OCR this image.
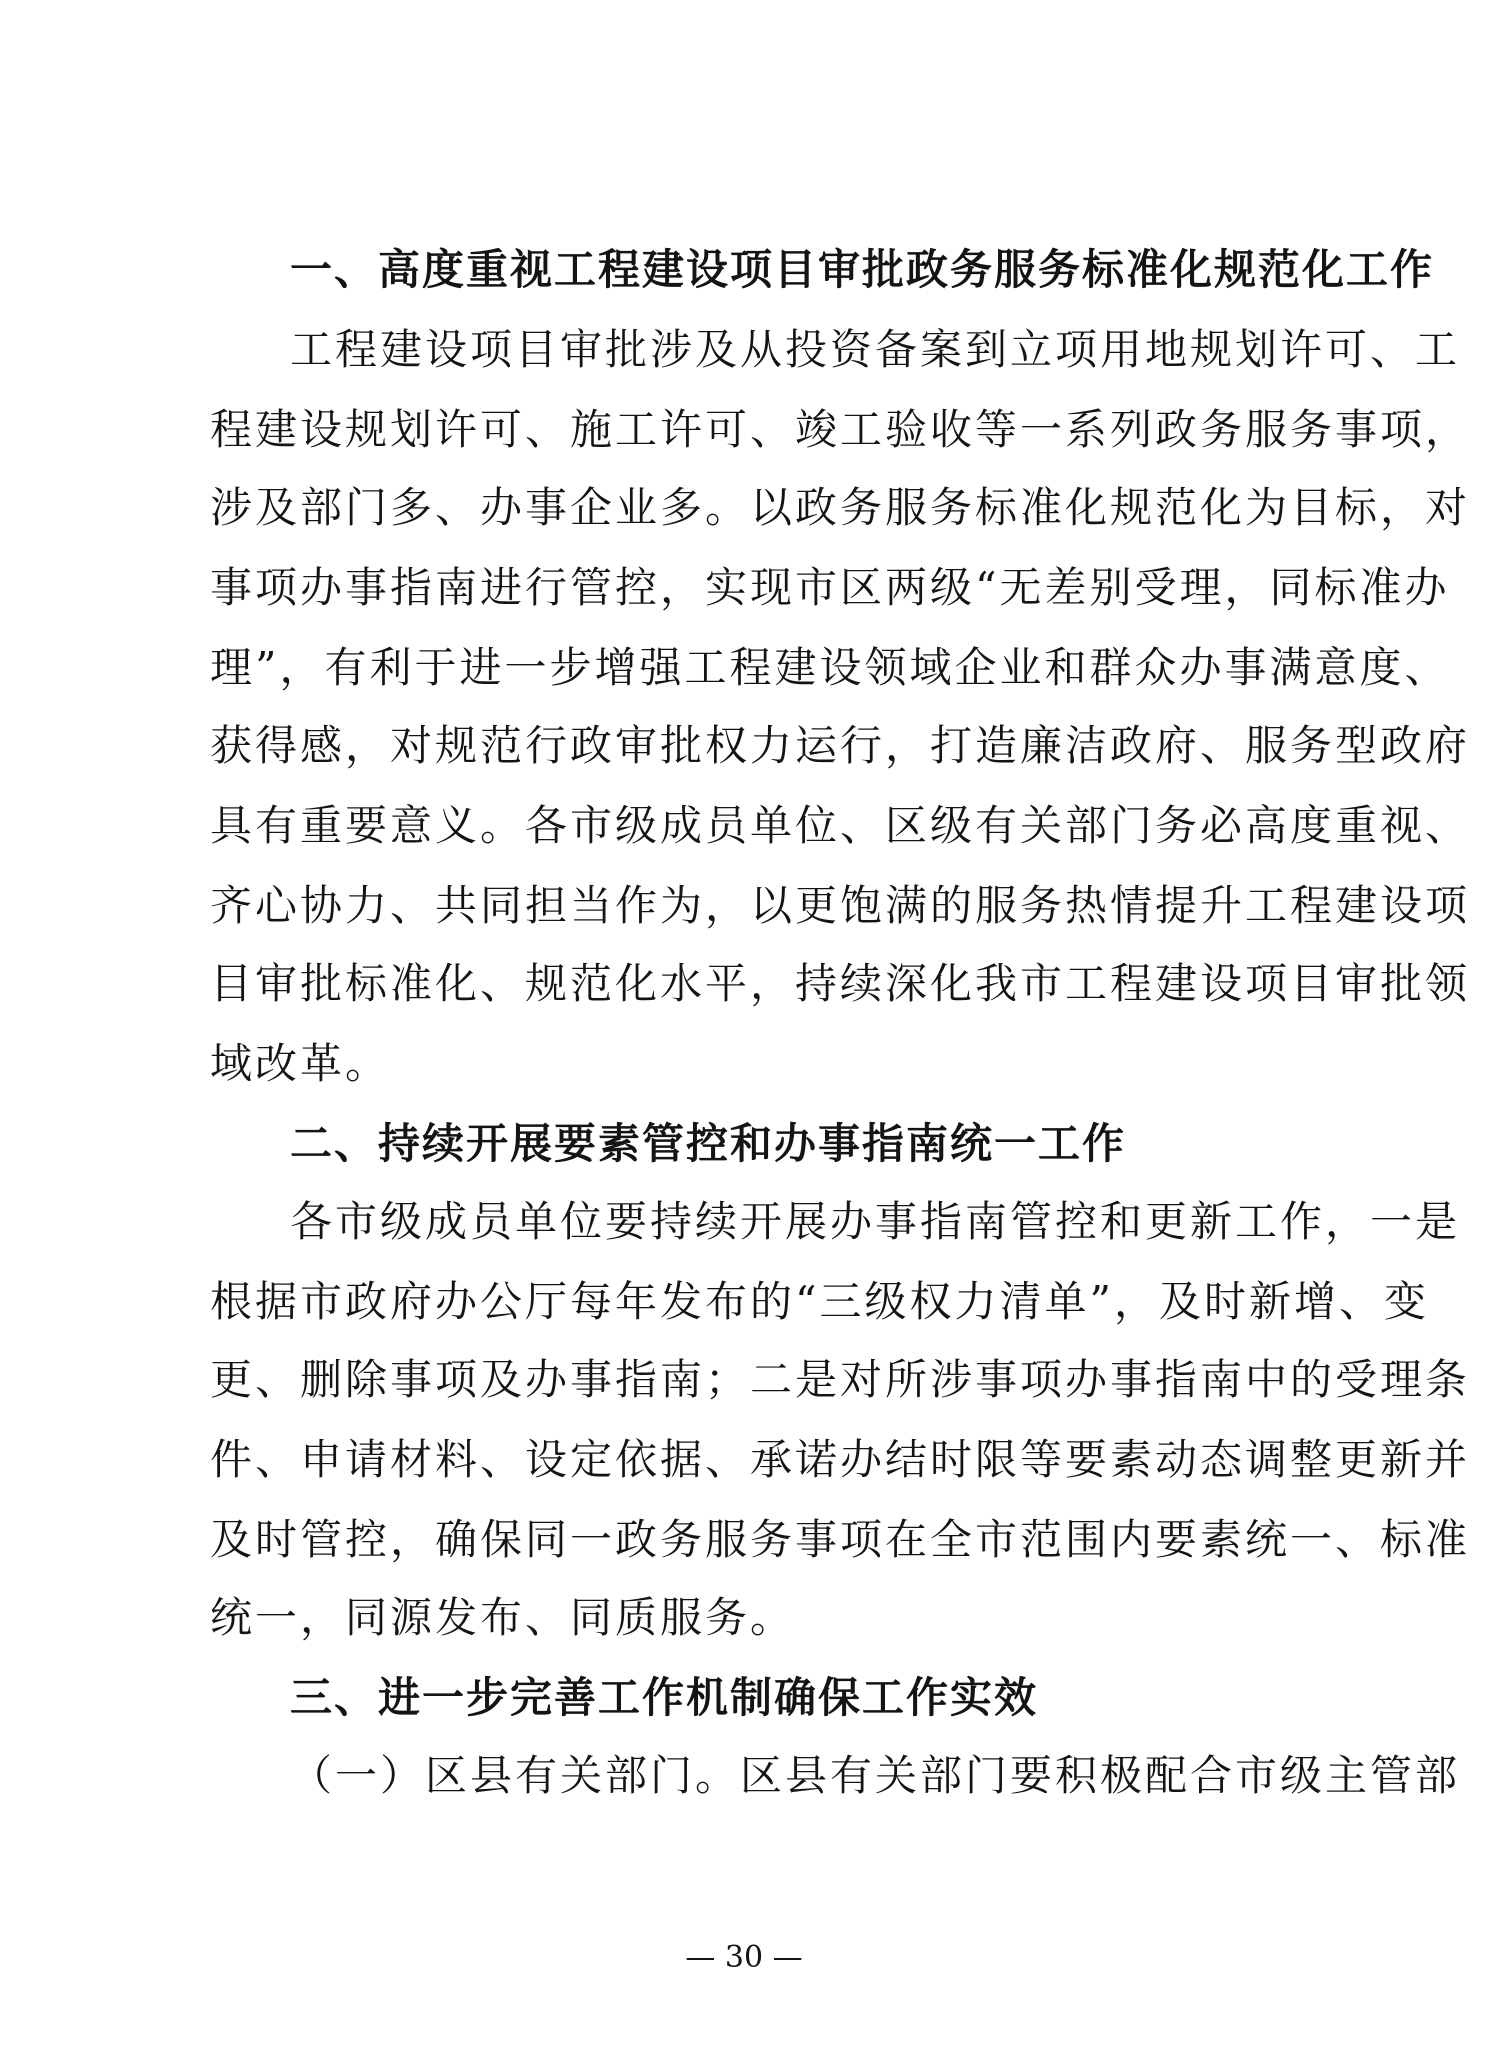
一、高度重视工程建设项目审批政务服务标准化规范化工作
工程建设项目审批涉及从投资备案到立项用地规划许可、工
程建设规划许可、施工许可、竣工验收等一系列政务服务事项，
涉及部门多、办事企业多。以政务服务标准化规范化为目标，对
事项办事指南进行管控，实现市区两级“无差别受理，同标准办
理”，有利于进一步增强工程建设领域企业和群众办事满意度、
获得感，对规范行政审批权力运行，打造廉洁政府、服务型政府
具有重要意义。各市级成员单位、区级有关部门务必高度重视、
齐心协力、共同担当作为，以更饱满的服务热情提升工程建设项
目审批标准化、规范化水平，持续深化我市工程建设项目审批领
域改革。
二、持续开展要素管控和办事指南统一工作
各市级成员单位要持续开展办事指南管控和更新工作，一是
根据市政府办公厅每年发布的“三级权力清单”，及时新增、变
更、删除事项及办事指南；二是对所涉事项办事指南中的受理条
件、申请材料、设定依据、承诺办结时限等要素动态调整更新并
及时管控，确保同一政务服务事项在全市范围内要素统一、标准
统一，同源发布、同质服务。
三、进一步完善工作机制确保工作实效
（一）区县有关部门。区县有关部门要积极配合市级主管部
— 30 —
